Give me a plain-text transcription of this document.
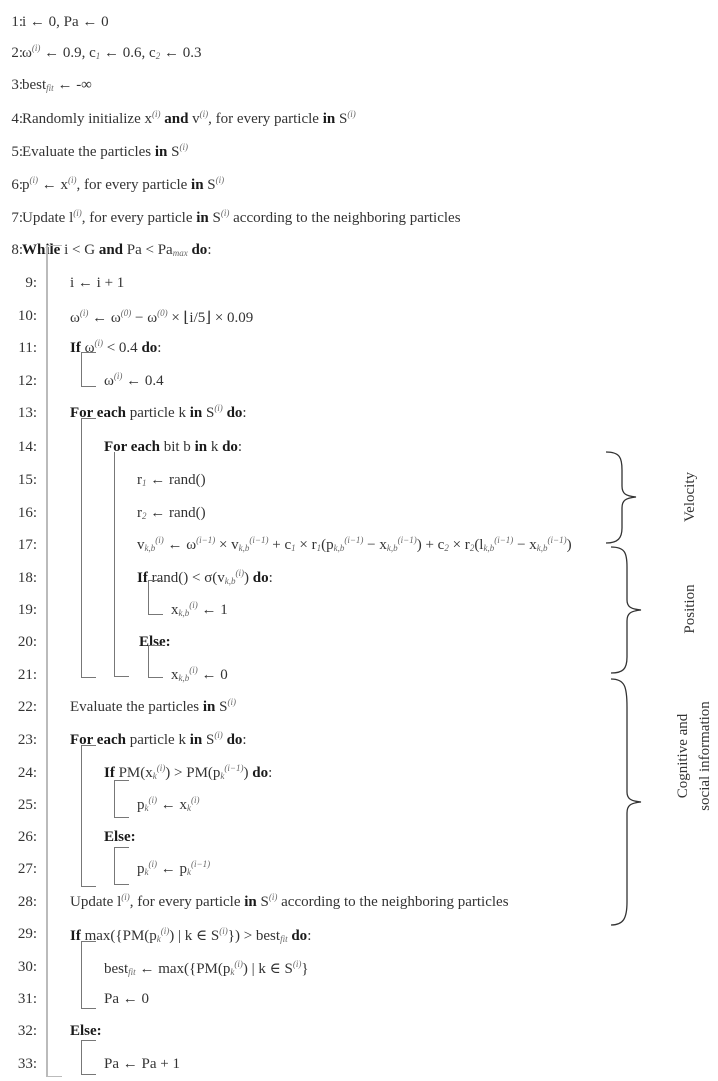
1:
2:
3:
4:
5:
6:
7:
8:
9:
10:
11:
12:
13:
14:
15:
16:
17:
18:
19:
20:
21:
22:
23:
24:
25:
26:
27:
28:
29:
30:
31:
32:
33:
i ← 0, Pa ← 0
$\omega^{(i)}$ ← 0.9, $c_1$ ← 0.6, $c_2$ ← 0.3
best$_{fit}$ ← -∞
Randomly initialize $x^{(i)}$ and $v^{(i)}$, for every particle in $S^{(i)}$
Evaluate the particles in $S^{(i)}$
$p^{(i)}$ ← $x^{(i)}$, for every particle in $S^{(i)}$
Update $l^{(i)}$, for every particle in $S^{(i)}$ according to the neighboring particles
While i < G and $Pa < Pa_{max}$ do:
i ← i + 1
$\omega^{(i)}$ ← $\omega^{(0)} - \omega^{(0)}$ × ⌊i/5⌋ × 0.09
If $\omega^{(i)} < 0.4$ do:
$\omega^{(i)}$ ← 0.4
For each particle k in $S^{(i)}$ do:
For each bit b in k do:
$r_1$ ← rand()
$r_2$ ← rand()
$v_{k,b}^{(i)}$ ← $\omega^{(i-1)} \times v_{k,b}^{(i-1)} + c_1 \times r_1(p_{k,b}^{(i-1)} - x_{k,b}^{(i-1)}) + c_2 \times r_2(l_{k,b}^{(i-1)} - x_{k,b}^{(i-1)})$
If rand() < $\sigma(v_{k,b}^{(i)})$ do:
$x_{k,b}^{(i)}$ ← 1
Else:
$x_{k,b}^{(i)}$ ← 0
Evaluate the particles in $S^{(i)}$
For each particle k in $S^{(i)}$ do:
If $PM(x_k^{(i)}) > PM(p_k^{(i-1)})$ do:
$p_k^{(i)}$ ← $x_k^{(i)}$
Else:
$p_k^{(i)}$ ← $p_k^{(i-1)}$
Update $l^{(i)}$, for every particle in $S^{(i)}$ according to the neighboring particles
If $\max(\{PM(p_k^{(i)})$ | k ∈ $S^{(i)}$}) > best$_{fit}$ do:
best$_{fit}$ ← $\max(\{PM(p_k^{(i)})$ | k ∈ $S^{(i)}$}
Pa ← 0
Else:
Pa ← Pa + 1
Velocity
Position
Cognitive and social information
